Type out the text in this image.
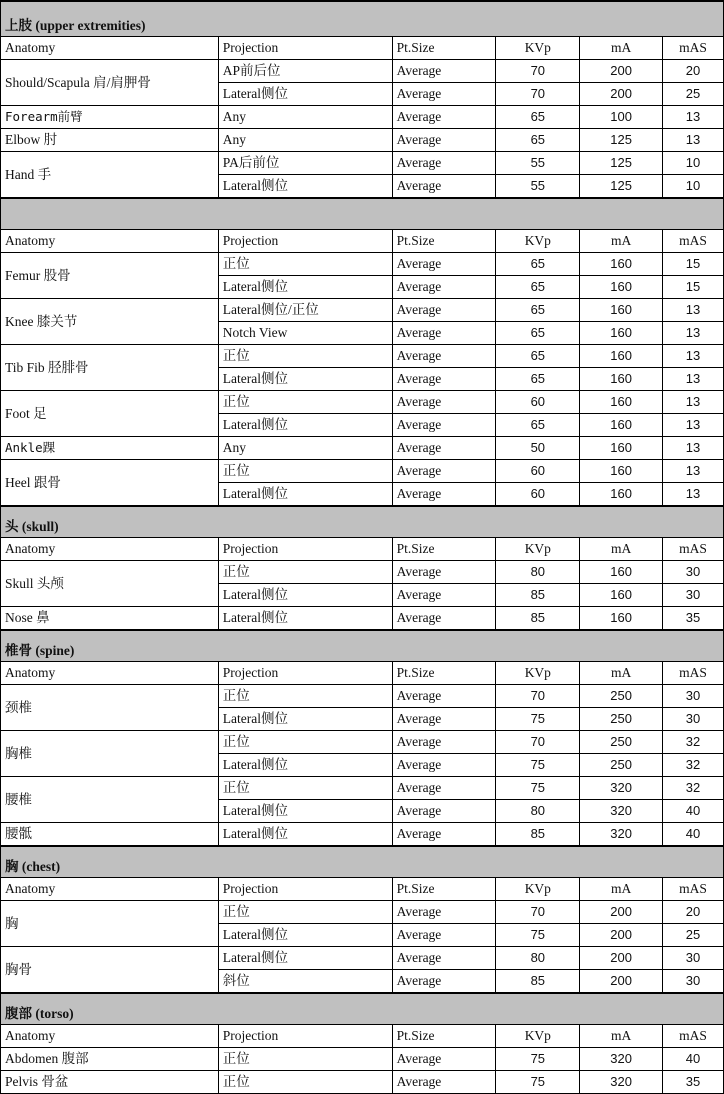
上肢 (upper extremities)					
Anatomy	Projection	Pt.Size	KVp	mA	mAS
Should/Scapula 肩/肩胛骨	AP前后位	Average	70	200	20
	Lateral侧位	Average	70	200	25
Forearm前臂	Any	Average	65	100	13
Elbow 肘	Any	Average	65	125	13
Hand 手	PA后前位	Average	55	125	10
	Lateral侧位	Average	55	125	10

Anatomy	Projection	Pt.Size	KVp	mA	mAS
Femur 股骨	正位	Average	65	160	15
	Lateral侧位	Average	65	160	15
Knee 膝关节	Lateral侧位/正位	Average	65	160	13
	Notch View	Average	65	160	13
Tib Fib 胫腓骨	正位	Average	65	160	13
	Lateral侧位	Average	65	160	13
Foot 足	正位	Average	60	160	13
	Lateral侧位	Average	65	160	13
Ankle踝	Any	Average	50	160	13
Heel 跟骨	正位	Average	60	160	13
	Lateral侧位	Average	60	160	13
头 (skull)					
Anatomy	Projection	Pt.Size	KVp	mA	mAS
Skull 头颅	正位	Average	80	160	30
	Lateral侧位	Average	85	160	30
Nose 鼻	Lateral侧位	Average	85	160	35
椎骨 (spine)					
Anatomy	Projection	Pt.Size	KVp	mA	mAS
颈椎	正位	Average	70	250	30
	Lateral侧位	Average	75	250	30
胸椎	正位	Average	70	250	32
	Lateral侧位	Average	75	250	32
腰椎	正位	Average	75	320	32
	Lateral侧位	Average	80	320	40
腰骶	Lateral侧位	Average	85	320	40
胸 (chest)					
Anatomy	Projection	Pt.Size	KVp	mA	mAS
胸	正位	Average	70	200	20
	Lateral侧位	Average	75	200	25
胸骨	Lateral侧位	Average	80	200	30
	斜位	Average	85	200	30
腹部 (torso)					
Anatomy	Projection	Pt.Size	KVp	mA	mAS
Abdomen 腹部	正位	Average	75	320	40
Pelvis 骨盆	正位	Average	75	320	35
